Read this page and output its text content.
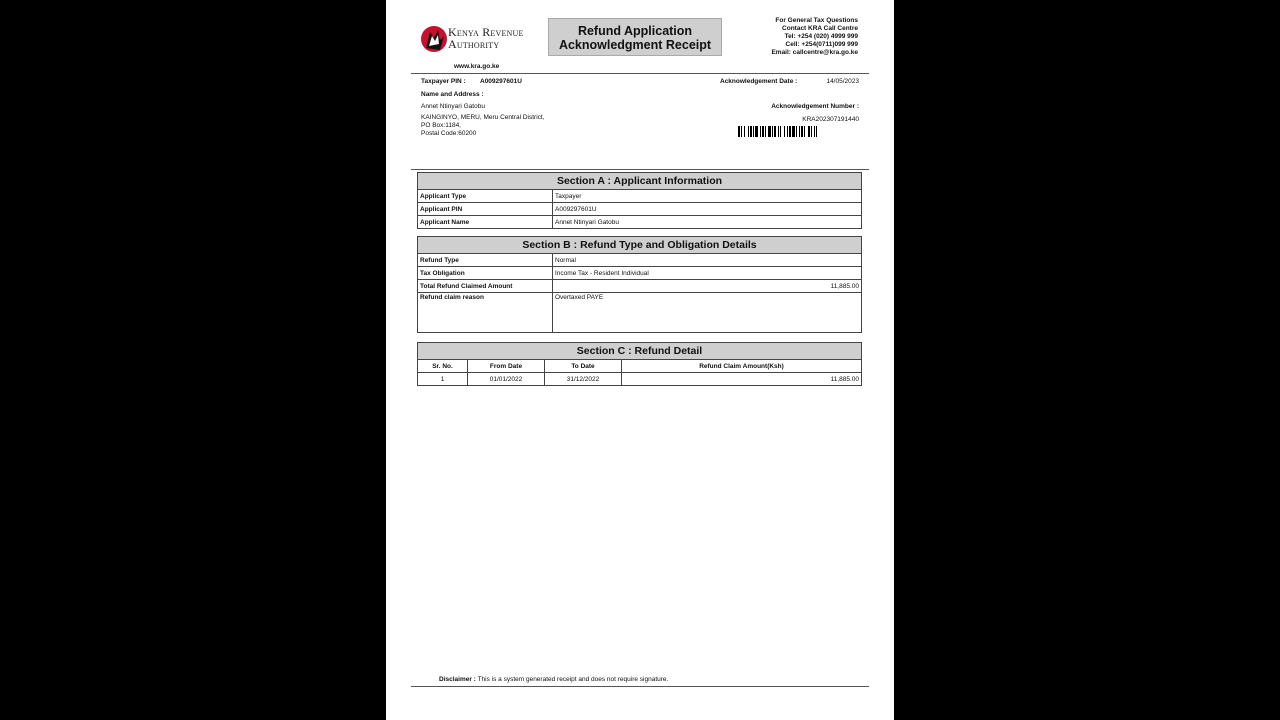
Kenya Revenue
Authority
www.kra.go.ke
Refund Application
Acknowledgment Receipt
For General Tax Questions
Contact KRA Call Centre
Tel: +254 (020) 4999 999
Cell: +254(0711)099 999
Email: callcentre@kra.go.ke
Taxpayer PIN : A009297601U
Name and Address :
Annet Ntinyari Gatobu
KAINGINYO, MERU, Meru Central District,
PO Box:1184,
Postal Code:60200
Acknowledgement Date :	14/05/2023
Acknowledgement Number :
KRA202307191440
Section A : Applicant Information
Applicant Type	Taxpayer
Applicant PIN	A009297601U
Applicant Name	Annet Ntinyari Gatobu
Section B : Refund Type and Obligation Details
Refund Type	Normal
Tax Obligation	Income Tax - Resident Individual
Total Refund Claimed Amount	11,885.00
Refund claim reason	Overtaxed PAYE
Section C : Refund Detail
Sr. No.	From Date	To Date	Refund Claim Amount(Ksh)
1	01/01/2022	31/12/2022	11,885.00
Disclaimer : This is a system generated receipt and does not require signature.
